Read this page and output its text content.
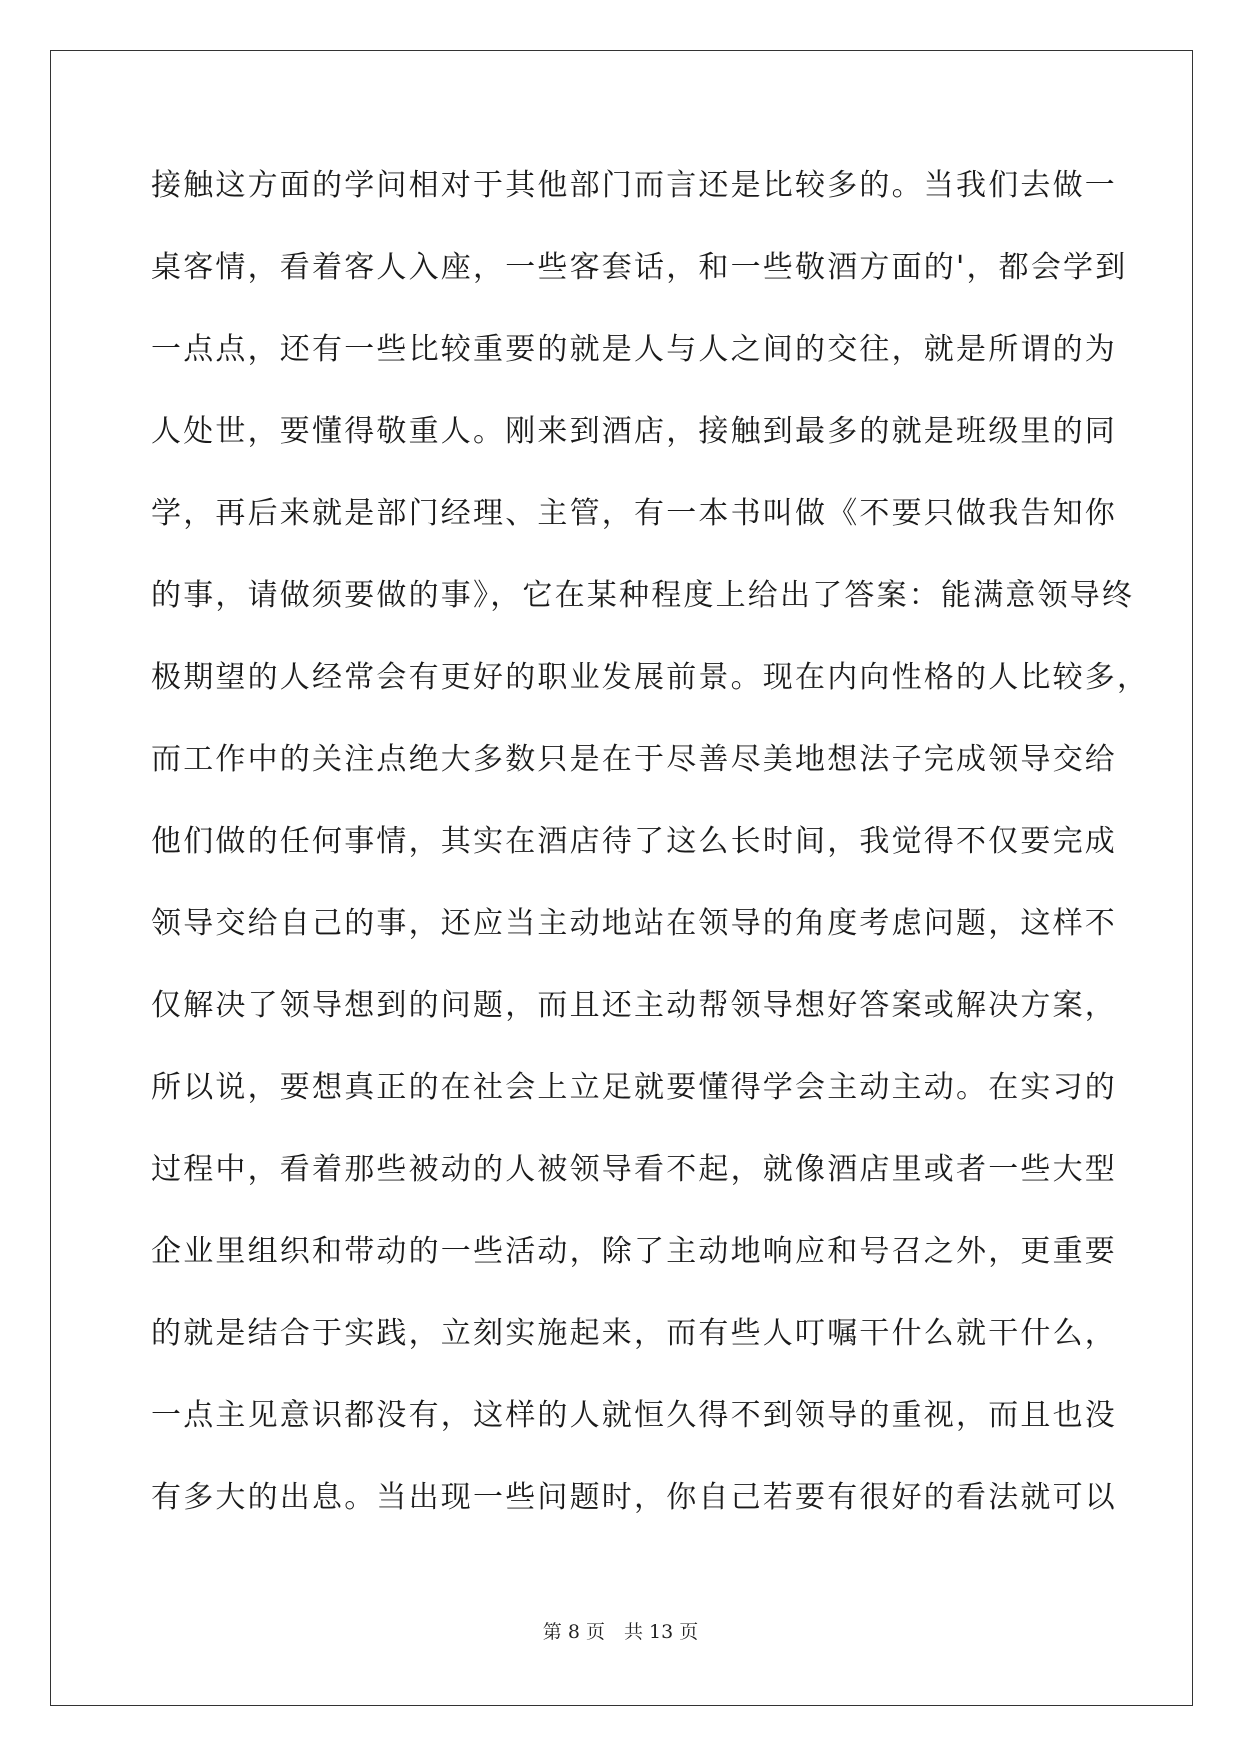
接触这方面的学问相对于其他部门而言还是比较多的。当我们去做一
桌客情，看着客人入座，一些客套话，和一些敬酒方面的'，都会学到
一点点，还有一些比较重要的就是人与人之间的交往，就是所谓的为
人处世，要懂得敬重人。刚来到酒店，接触到最多的就是班级里的同
学，再后来就是部门经理、主管，有一本书叫做《不要只做我告知你
的事，请做须要做的事》，它在某种程度上给出了答案：能满意领导终
极期望的人经常会有更好的职业发展前景。现在内向性格的人比较多，
而工作中的关注点绝大多数只是在于尽善尽美地想法子完成领导交给
他们做的任何事情，其实在酒店待了这么长时间，我觉得不仅要完成
领导交给自己的事，还应当主动地站在领导的角度考虑问题，这样不
仅解决了领导想到的问题，而且还主动帮领导想好答案或解决方案，
所以说，要想真正的在社会上立足就要懂得学会主动主动。在实习的
过程中，看着那些被动的人被领导看不起，就像酒店里或者一些大型
企业里组织和带动的一些活动，除了主动地响应和号召之外，更重要
的就是结合于实践，立刻实施起来，而有些人叮嘱干什么就干什么，
一点主见意识都没有，这样的人就恒久得不到领导的重视，而且也没
有多大的出息。当出现一些问题时，你自己若要有很好的看法就可以
第 8 页　共 13 页
